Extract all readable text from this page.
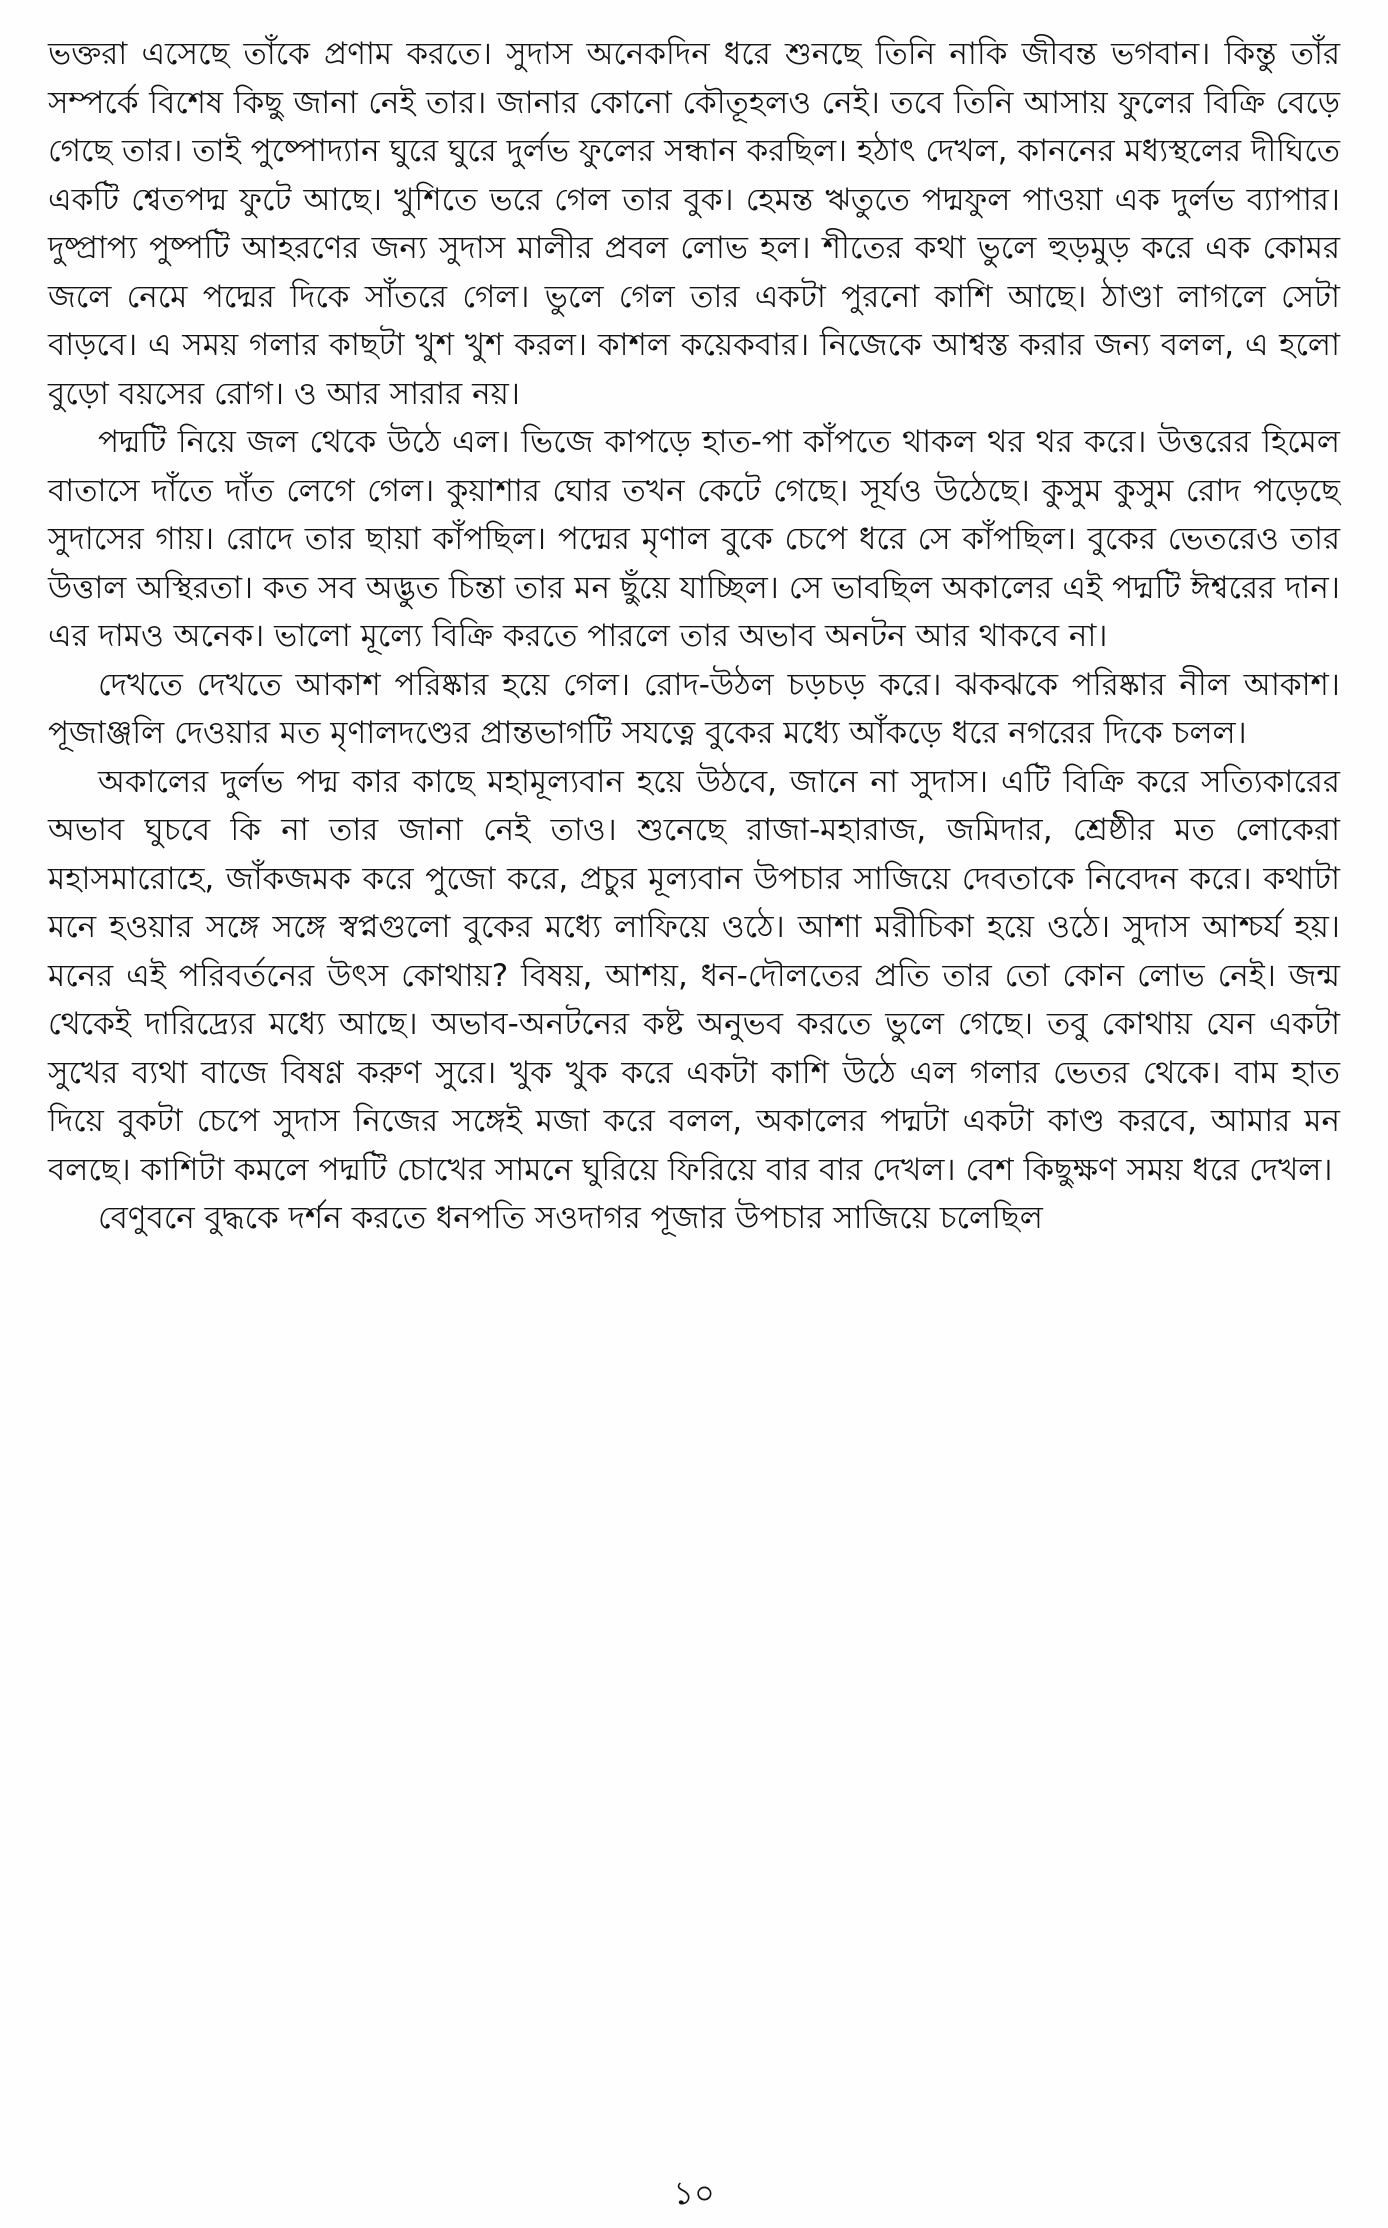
ভক্তরা এসেছে তাঁকে প্রণাম করতে। সুদাস অনেকদিন ধরে শুনছে তিনি নাকি জীবন্ত ভগবান। কিন্তু তাঁর সম্পর্কে বিশেষ কিছু জানা নেই তার। জানার কোনো কৌতূহলও নেই। তবে তিনি আসায় ফুলের বিক্রি বেড়ে গেছে তার। তাই পুষ্পোদ্যান ঘুরে ঘুরে দুর্লভ ফুলের সন্ধান করছিল। হঠাৎ দেখল, কাননের মধ্যস্থলের দীঘিতে একটি শ্বেতপদ্ম ফুটে আছে। খুশিতে ভরে গেল তার বুক। হেমন্ত ঋতুতে পদ্মফুল পাওয়া এক দুর্লভ ব্যাপার। দুষ্প্রাপ্য পুষ্পটি আহরণের জন্য সুদাস মালীর প্রবল লোভ হল। শীতের কথা ভুলে হুড়মুড় করে এক কোমর জলে নেমে পদ্মের দিকে সাঁতরে গেল। ভুলে গেল তার একটা পুরনো কাশি আছে। ঠাণ্ডা লাগলে সেটা বাড়বে। এ সময় গলার কাছটা খুশ খুশ করল। কাশল কয়েকবার। নিজেকে আশ্বস্ত করার জন্য বলল, এ হলো বুড়ো বয়সের রোগ। ও আর সারার নয়।

পদ্মটি নিয়ে জল থেকে উঠে এল। ভিজে কাপড়ে হাত-পা কাঁপতে থাকল থর থর করে। উত্তরের হিমেল বাতাসে দাঁতে দাঁত লেগে গেল। কুয়াশার ঘোর তখন কেটে গেছে। সূর্যও উঠেছে। কুসুম কুসুম রোদ পড়েছে সুদাসের গায়। রোদে তার ছায়া কাঁপছিল। পদ্মের মৃণাল বুকে চেপে ধরে সে কাঁপছিল। বুকের ভেতরেও তার উত্তাল অস্থিরতা। কত সব অদ্ভুত চিন্তা তার মন ছুঁয়ে যাচ্ছিল। সে ভাবছিল অকালের এই পদ্মটি ঈশ্বরের দান। এর দামও অনেক। ভালো মূল্যে বিক্রি করতে পারলে তার অভাব অনটন আর থাকবে না।

দেখতে দেখতে আকাশ পরিষ্কার হয়ে গেল। রোদ-উঠল চড়চড় করে। ঝকঝকে পরিষ্কার নীল আকাশ। পূজাঞ্জলি দেওয়ার মত মৃণালদণ্ডের প্রান্তভাগটি সযত্নে বুকের মধ্যে আঁকড়ে ধরে নগরের দিকে চলল।

অকালের দুর্লভ পদ্ম কার কাছে মহামূল্যবান হয়ে উঠবে, জানে না সুদাস। এটি বিক্রি করে সত্যিকারের অভাব ঘুচবে কি না তার জানা নেই তাও। শুনেছে রাজা-মহারাজ, জমিদার, শ্রেষ্ঠীর মত লোকেরা মহাসমারোহে, জাঁকজমক করে পুজো করে, প্রচুর মূল্যবান উপচার সাজিয়ে দেবতাকে নিবেদন করে। কথাটা মনে হওয়ার সঙ্গে সঙ্গে স্বপ্নগুলো বুকের মধ্যে লাফিয়ে ওঠে। আশা মরীচিকা হয়ে ওঠে। সুদাস আশ্চর্য হয়। মনের এই পরিবর্তনের উৎস কোথায়? বিষয়, আশয়, ধন-দৌলতের প্রতি তার তো কোন লোভ নেই। জন্ম থেকেই দারিদ্র্যের মধ্যে আছে। অভাব-অনটনের কষ্ট অনুভব করতে ভুলে গেছে। তবু কোথায় যেন একটা সুখের ব্যথা বাজে বিষণ্ণ করুণ সুরে। খুক খুক করে একটা কাশি উঠে এল গলার ভেতর থেকে। বাম হাত দিয়ে বুকটা চেপে সুদাস নিজের সঙ্গেই মজা করে বলল, অকালের পদ্মটা একটা কাণ্ড করবে, আমার মন বলছে। কাশিটা কমলে পদ্মটি চোখের সামনে ঘুরিয়ে ফিরিয়ে বার বার দেখল। বেশ কিছুক্ষণ সময় ধরে দেখল।

বেণুবনে বুদ্ধকে দর্শন করতে ধনপতি সওদাগর পূজার উপচার সাজিয়ে চলেছিল

১০
